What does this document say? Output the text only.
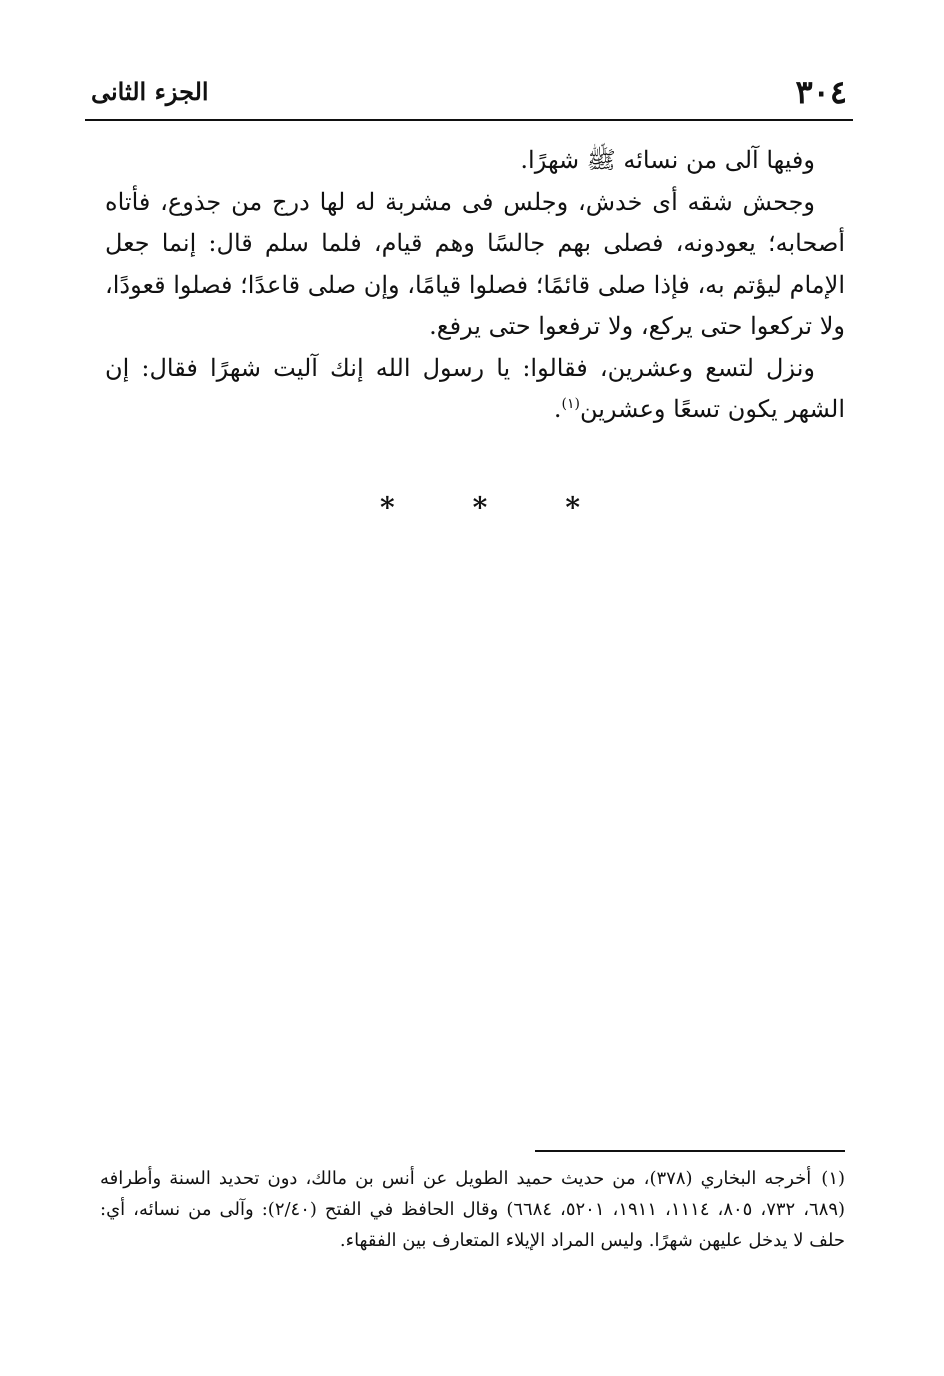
٣٠٤
الجزء الثانى

وفيها آلى من نسائه ﷺ شهرًا.

وجحش شقه أى خدش، وجلس فى مشربة له لها درج من جذوع، فأتاه أصحابه؛ يعودونه، فصلى بهم جالسًا وهم قيام، فلما سلم قال: إنما جعل الإمام ليؤتم به، فإذا صلى قائمًا؛ فصلوا قيامًا، وإن صلى قاعدًا؛ فصلوا قعودًا، ولا تركعوا حتى يركع، ولا ترفعوا حتى يرفع.

ونزل لتسع وعشرين، فقالوا: يا رسول الله إنك آليت شهرًا فقال: إن الشهر يكون تسعًا وعشرين$^{(١)}$.

*	*	*
(١)أخرجه البخاري (٣٧٨)، من حديث حميد الطويل عن أنس بن مالك، دون تحديد السنة وأطرافه (٦٨٩، ٧٣٢، ٨٠٥، ١١١٤، ١٩١١، ٥٢٠١، ٦٦٨٤) وقال الحافظ في الفتح (٢/٤٠): وآلى من نسائه، أي: حلف لا يدخل عليهن شهرًا. وليس المراد الإيلاء المتعارف بين الفقهاء.
